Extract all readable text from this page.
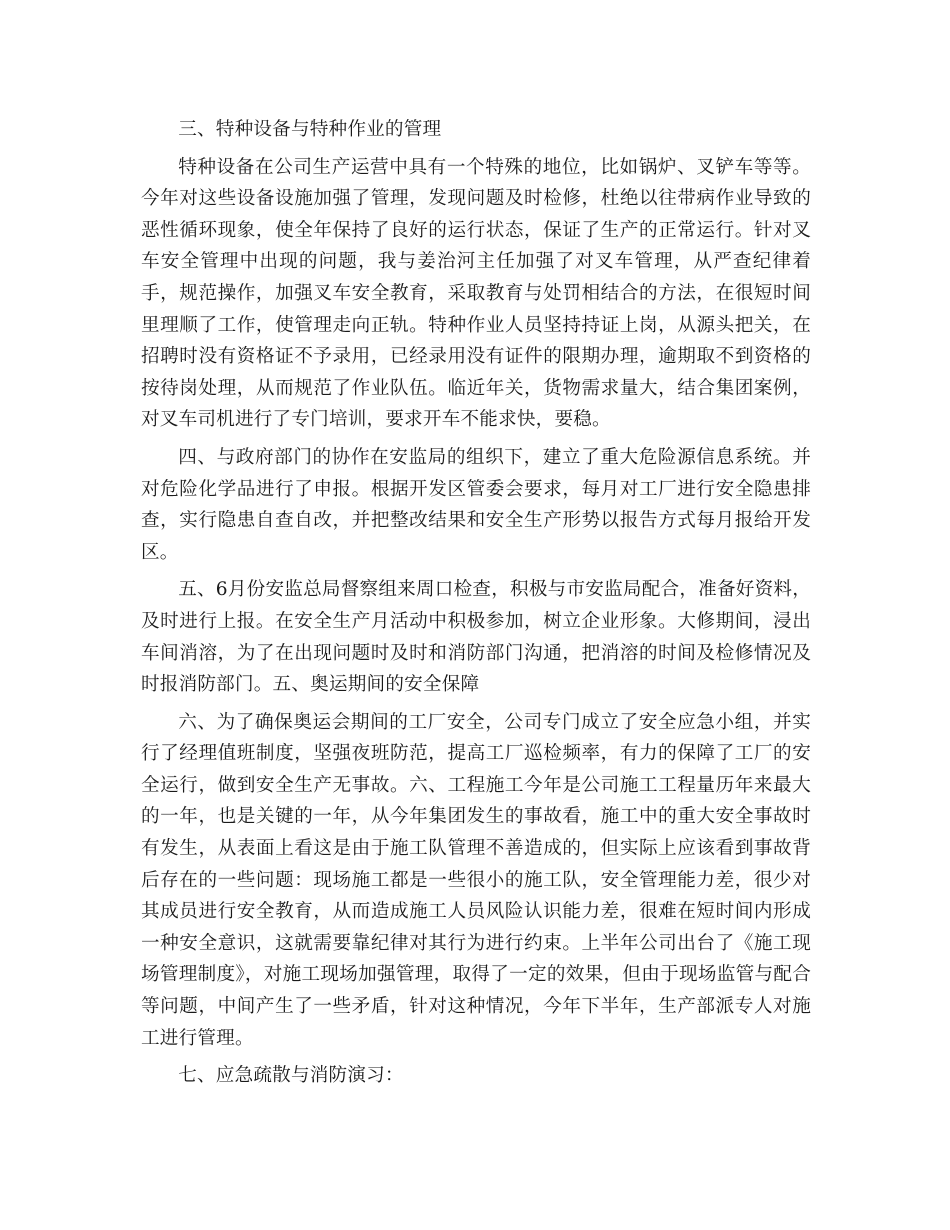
三、特种设备与特种作业的管理

特种设备在公司生产运营中具有一个特殊的地位，比如锅炉、叉铲车等等。今年对这些设备设施加强了管理，发现问题及时检修，杜绝以往带病作业导致的恶性循环现象，使全年保持了良好的运行状态，保证了生产的正常运行。针对叉车安全管理中出现的问题，我与姜治河主任加强了对叉车管理，从严查纪律着手，规范操作，加强叉车安全教育，采取教育与处罚相结合的方法，在很短时间里理顺了工作，使管理走向正轨。特种作业人员坚持持证上岗，从源头把关，在招聘时没有资格证不予录用，已经录用没有证件的限期办理，逾期取不到资格的按待岗处理，从而规范了作业队伍。临近年关，货物需求量大，结合集团案例，对叉车司机进行了专门培训，要求开车不能求快，要稳。

四、与政府部门的协作在安监局的组织下，建立了重大危险源信息系统。并对危险化学品进行了申报。根据开发区管委会要求，每月对工厂进行安全隐患排查，实行隐患自查自改，并把整改结果和安全生产形势以报告方式每月报给开发区。

五、6月份安监总局督察组来周口检查，积极与市安监局配合，准备好资料，及时进行上报。在安全生产月活动中积极参加，树立企业形象。大修期间，浸出车间消溶，为了在出现问题时及时和消防部门沟通，把消溶的时间及检修情况及时报消防部门。五、奥运期间的安全保障

六、为了确保奥运会期间的工厂安全，公司专门成立了安全应急小组，并实行了经理值班制度，坚强夜班防范，提高工厂巡检频率，有力的保障了工厂的安全运行，做到安全生产无事故。六、工程施工今年是公司施工工程量历年来最大的一年，也是关键的一年，从今年集团发生的事故看，施工中的重大安全事故时有发生，从表面上看这是由于施工队管理不善造成的，但实际上应该看到事故背后存在的一些问题：现场施工都是一些很小的施工队，安全管理能力差，很少对其成员进行安全教育，从而造成施工人员风险认识能力差，很难在短时间内形成一种安全意识，这就需要靠纪律对其行为进行约束。上半年公司出台了《施工现场管理制度》，对施工现场加强管理，取得了一定的效果，但由于现场监管与配合等问题，中间产生了一些矛盾，针对这种情况，今年下半年，生产部派专人对施工进行管理。

七、应急疏散与消防演习：
